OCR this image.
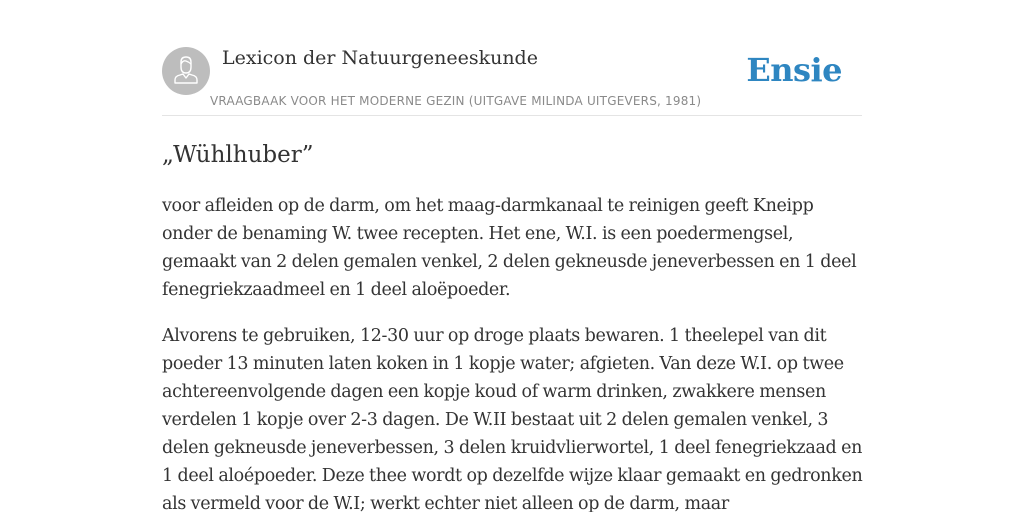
Lexicon der Natuurgeneeskunde
VRAAGBAAK VOOR HET MODERNE GEZIN (UITGAVE MILINDA UITGEVERS, 1981)
Ensie
„Wühlhuber”

voor afleiden op de darm, om het maag-darmkanaal te reinigen geeft Kneipp onder de benaming W. twee recepten. Het ene, W.I. is een poedermengsel, gemaakt van 2 delen gemalen venkel, 2 delen gekneusde jeneverbessen en 1 deel fenegriekzaadmeel en 1 deel aloëpoeder.

Alvorens te gebruiken, 12-30 uur op droge plaats bewaren. 1 theelepel van dit poeder 13 minuten laten koken in 1 kopje water; afgieten. Van deze W.I. op twee achtereenvolgende dagen een kopje koud of warm drinken, zwakkere mensen verdelen 1 kopje over 2-3 dagen. De W.II bestaat uit 2 delen gemalen venkel, 3 delen gekneusde jeneverbessen, 3 delen kruidvlierwortel, 1 deel fenegriekzaad en 1 deel aloépoeder. Deze thee wordt op dezelfde wijze klaar gemaakt en gedronken als vermeld voor de W.I; werkt echter niet alleen op de darm, maar
